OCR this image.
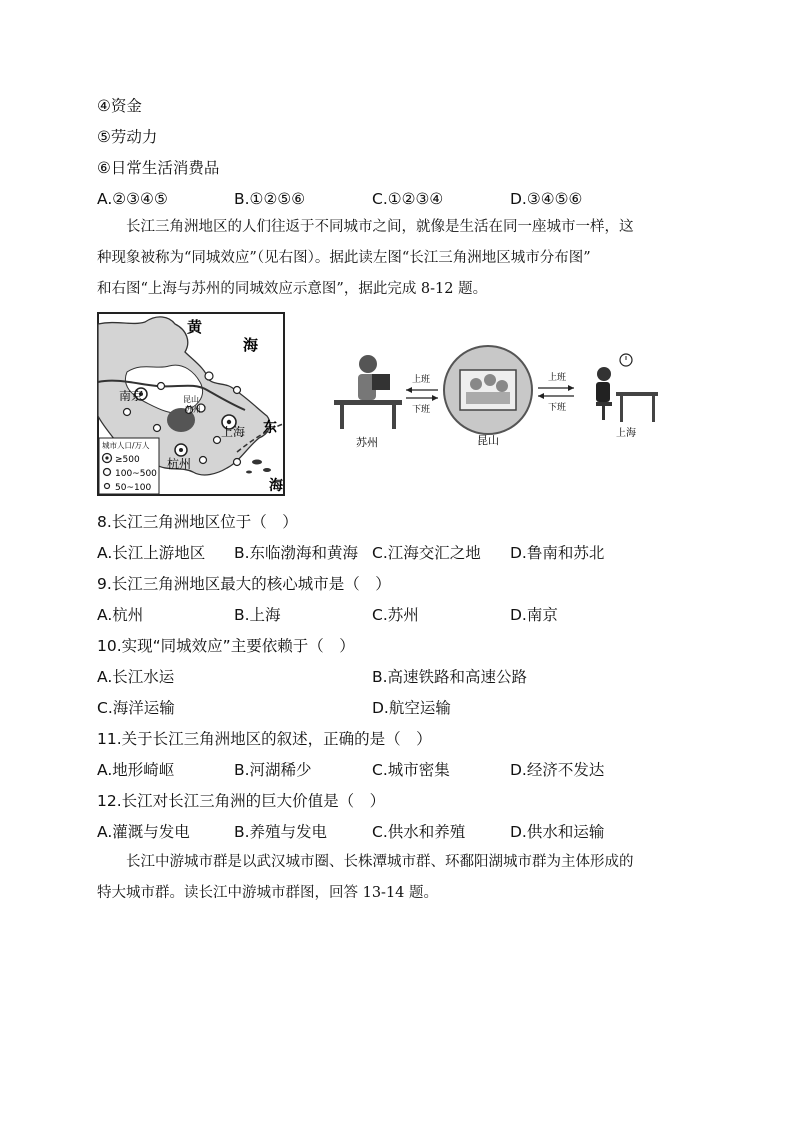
④资金
⑤劳动力
⑥日常生活消费品
A.②③④⑤	B.①②⑤⑥	C.①②③④	D.③④⑤⑥
长江三角洲地区的人们往返于不同城市之间，就像是生活在同一座城市一样，这
种现象被称为“同城效应”（见右图）。据此读左图“长江三角洲地区城市分布图”
和右图“上海与苏州的同城效应示意图”，据此完成 8-12 题。
黄
海
南京	昆山
苏州
上海
杭州
东
海
城市人口/万人
≥500
100~500
50~100
苏州
上班
下班
昆山
上班
下班
上海
8.长江三角洲地区位于（　）
A.长江上游地区 B.东临渤海和黄海 C.江海交汇之地 D.鲁南和苏北
9.长江三角洲地区最大的核心城市是（　）
A.杭州	B.上海	C.苏州	D.南京
10.实现“同城效应”主要依赖于（　）
A.长江水运	B.高速铁路和高速公路
C.海洋运输	D.航空运输
11.关于长江三角洲地区的叙述，正确的是（　）
A.地形崎岖	B.河湖稀少	C.城市密集	D.经济不发达
12.长江对长江三角洲的巨大价值是（　）
A.灌溉与发电	B.养殖与发电	C.供水和养殖	D.供水和运输
长江中游城市群是以武汉城市圈、长株潭城市群、环鄱阳湖城市群为主体形成的
特大城市群。读长江中游城市群图，回答 13-14 题。
